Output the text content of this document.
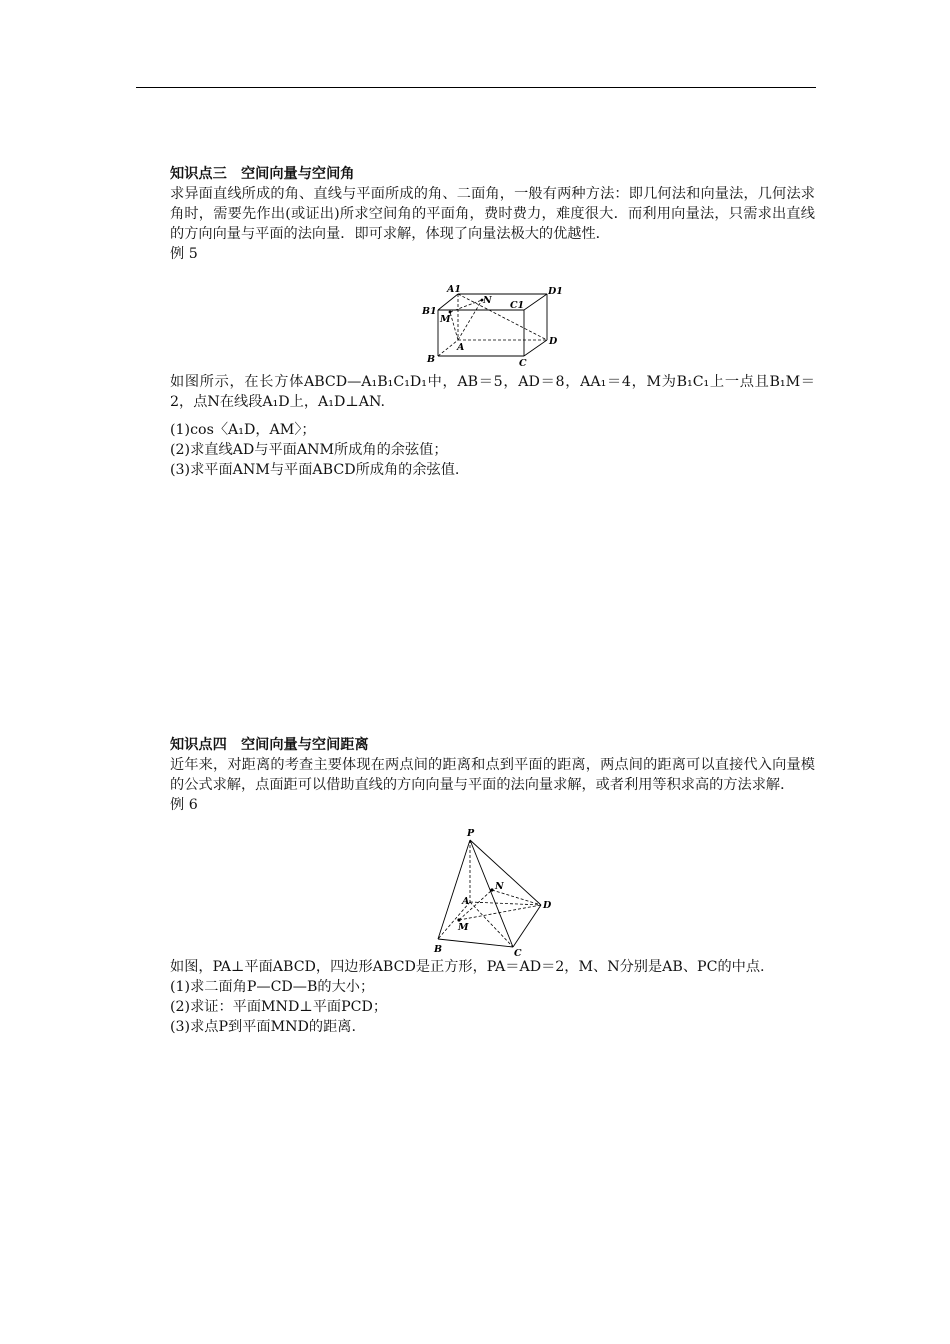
知识点三　空间向量与空间角
求异面直线所成的角、直线与平面所成的角、二面角，一般有两种方法：即几何法和向量法，几何法求角时，需要先作出(或证出)所求空间角的平面角，费时费力，难度很大．而利用向量法，只需求出直线的方向向量与平面的法向量．即可求解，体现了向量法极大的优越性．
例 5
A1
N C1
D1
B1
M
A
D
B	C
如图所示，在长方体ABCD—A₁B₁C₁D₁中，AB＝5，AD＝8，AA₁＝4，M为B₁C₁上一点且B₁M＝2，点N在线段A₁D上，A₁D⊥AN.
(1)cos〈A₁D，AM〉；
(2)求直线AD与平面ANM所成角的余弦值；
(3)求平面ANM与平面ABCD所成角的余弦值.
知识点四　空间向量与空间距离
近年来，对距离的考查主要体现在两点间的距离和点到平面的距离，两点间的距离可以直接代入向量模的公式求解，点面距可以借助直线的方向向量与平面的法向量求解，或者利用等积求高的方法求解．
例 6
P
N
A	D
M
B	C
如图，PA⊥平面ABCD，四边形ABCD是正方形，PA＝AD＝2，M、N分别是AB、PC的中点.
(1)求二面角P—CD—B的大小；
(2)求证：平面MND⊥平面PCD；
(3)求点P到平面MND的距离.
